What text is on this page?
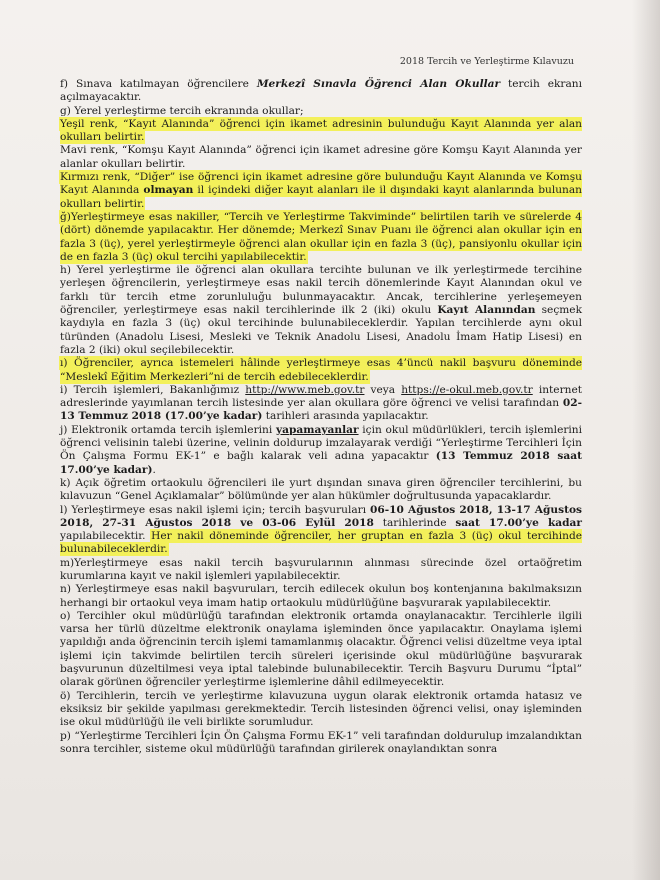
2018 Tercih ve Yerleştirme Kılavuzu

f) Sınava katılmayan öğrencilere Merkezî Sınavla Öğrenci Alan Okullar tercih ekranı açılmayacaktır.

g) Yerel yerleştirme tercih ekranında okullar;

Yeşil renk, “Kayıt Alanında” öğrenci için ikamet adresinin bulunduğu Kayıt Alanında yer alan okulları belirtir.

Mavi renk, “Komşu Kayıt Alanında” öğrenci için ikamet adresine göre Komşu Kayıt Alanında yer alanlar okulları belirtir.

Kırmızı renk, “Diğer” ise öğrenci için ikamet adresine göre bulunduğu Kayıt Alanında ve Komşu Kayıt Alanında olmayan il içindeki diğer kayıt alanları ile il dışındaki kayıt alanlarında bulunan okulları belirtir.

ğ)Yerleştirmeye esas nakiller, “Tercih ve Yerleştirme Takviminde” belirtilen tarih ve sürelerde 4 (dört) dönemde yapılacaktır. Her dönemde; Merkezî Sınav Puanı ile öğrenci alan okullar için en fazla 3 (üç), yerel yerleştirmeyle öğrenci alan okullar için en fazla 3 (üç), pansiyonlu okullar için de en fazla 3 (üç) okul tercihi yapılabilecektir.

h) Yerel yerleştirme ile öğrenci alan okullara tercihte bulunan ve ilk yerleştirmede tercihine yerleşen öğrencilerin, yerleştirmeye esas nakil tercih dönemlerinde Kayıt Alanından okul ve farklı tür tercih etme zorunluluğu bulunmayacaktır. Ancak, tercihlerine yerleşemeyen öğrenciler, yerleştirmeye esas nakil tercihlerinde ilk 2 (iki) okulu Kayıt Alanından seçmek kaydıyla en fazla 3 (üç) okul tercihinde bulunabileceklerdir. Yapılan tercihlerde aynı okul türünden (Anadolu Lisesi, Mesleki ve Teknik Anadolu Lisesi, Anadolu İmam Hatip Lisesi) en fazla 2 (iki) okul seçilebilecektir.

ı) Öğrenciler, ayrıca istemeleri hâlinde yerleştirmeye esas 4’üncü nakil başvuru döneminde “Meslekî Eğitim Merkezleri”ni de tercih edebileceklerdir.

i) Tercih işlemleri, Bakanlığımız http://www.meb.gov.tr veya https://e-okul.meb.gov.tr internet adreslerinde yayımlanan tercih listesinde yer alan okullara göre öğrenci ve velisi tarafından 02-13 Temmuz 2018 (17.00’ye kadar) tarihleri arasında yapılacaktır.

j) Elektronik ortamda tercih işlemlerini yapamayanlar için okul müdürlükleri, tercih işlemlerini öğrenci velisinin talebi üzerine, velinin doldurup imzalayarak verdiği “Yerleştirme Tercihleri İçin Ön Çalışma Formu EK-1” e bağlı kalarak veli adına yapacaktır (13 Temmuz 2018 saat 17.00’ye kadar).

k) Açık öğretim ortaokulu öğrencileri ile yurt dışından sınava giren öğrenciler tercihlerini, bu kılavuzun “Genel Açıklamalar” bölümünde yer alan hükümler doğrultusunda yapacaklardır.

l) Yerleştirmeye esas nakil işlemi için; tercih başvuruları 06-10 Ağustos 2018, 13-17 Ağustos 2018, 27-31 Ağustos 2018 ve 03-06 Eylül 2018 tarihlerinde saat 17.00’ye kadar yapılabilecektir. Her nakil döneminde öğrenciler, her gruptan en fazla 3 (üç) okul tercihinde bulunabileceklerdir.

m)Yerleştirmeye esas nakil tercih başvurularının alınması sürecinde özel ortaöğretim kurumlarına kayıt ve nakil işlemleri yapılabilecektir.

n) Yerleştirmeye esas nakil başvuruları, tercih edilecek okulun boş kontenjanına bakılmaksızın herhangi bir ortaokul veya imam hatip ortaokulu müdürlüğüne başvurarak yapılabilecektir.

o) Tercihler okul müdürlüğü tarafından elektronik ortamda onaylanacaktır. Tercihlerle ilgili varsa her türlü düzeltme elektronik onaylama işleminden önce yapılacaktır. Onaylama işlemi yapıldığı anda öğrencinin tercih işlemi tamamlanmış olacaktır. Öğrenci velisi düzeltme veya iptal işlemi için takvimde belirtilen tercih süreleri içerisinde okul müdürlüğüne başvurarak başvurunun düzeltilmesi veya iptal talebinde bulunabilecektir. Tercih Başvuru Durumu “İptal” olarak görünen öğrenciler yerleştirme işlemlerine dâhil edilmeyecektir.

ö) Tercihlerin, tercih ve yerleştirme kılavuzuna uygun olarak elektronik ortamda hatasız ve eksiksiz bir şekilde yapılması gerekmektedir. Tercih listesinden öğrenci velisi, onay işleminden ise okul müdürlüğü ile veli birlikte sorumludur.

p) “Yerleştirme Tercihleri İçin Ön Çalışma Formu EK-1” veli tarafından doldurulup imzalandıktan sonra tercihler, sisteme okul müdürlüğü tarafından girilerek onaylandıktan sonra
